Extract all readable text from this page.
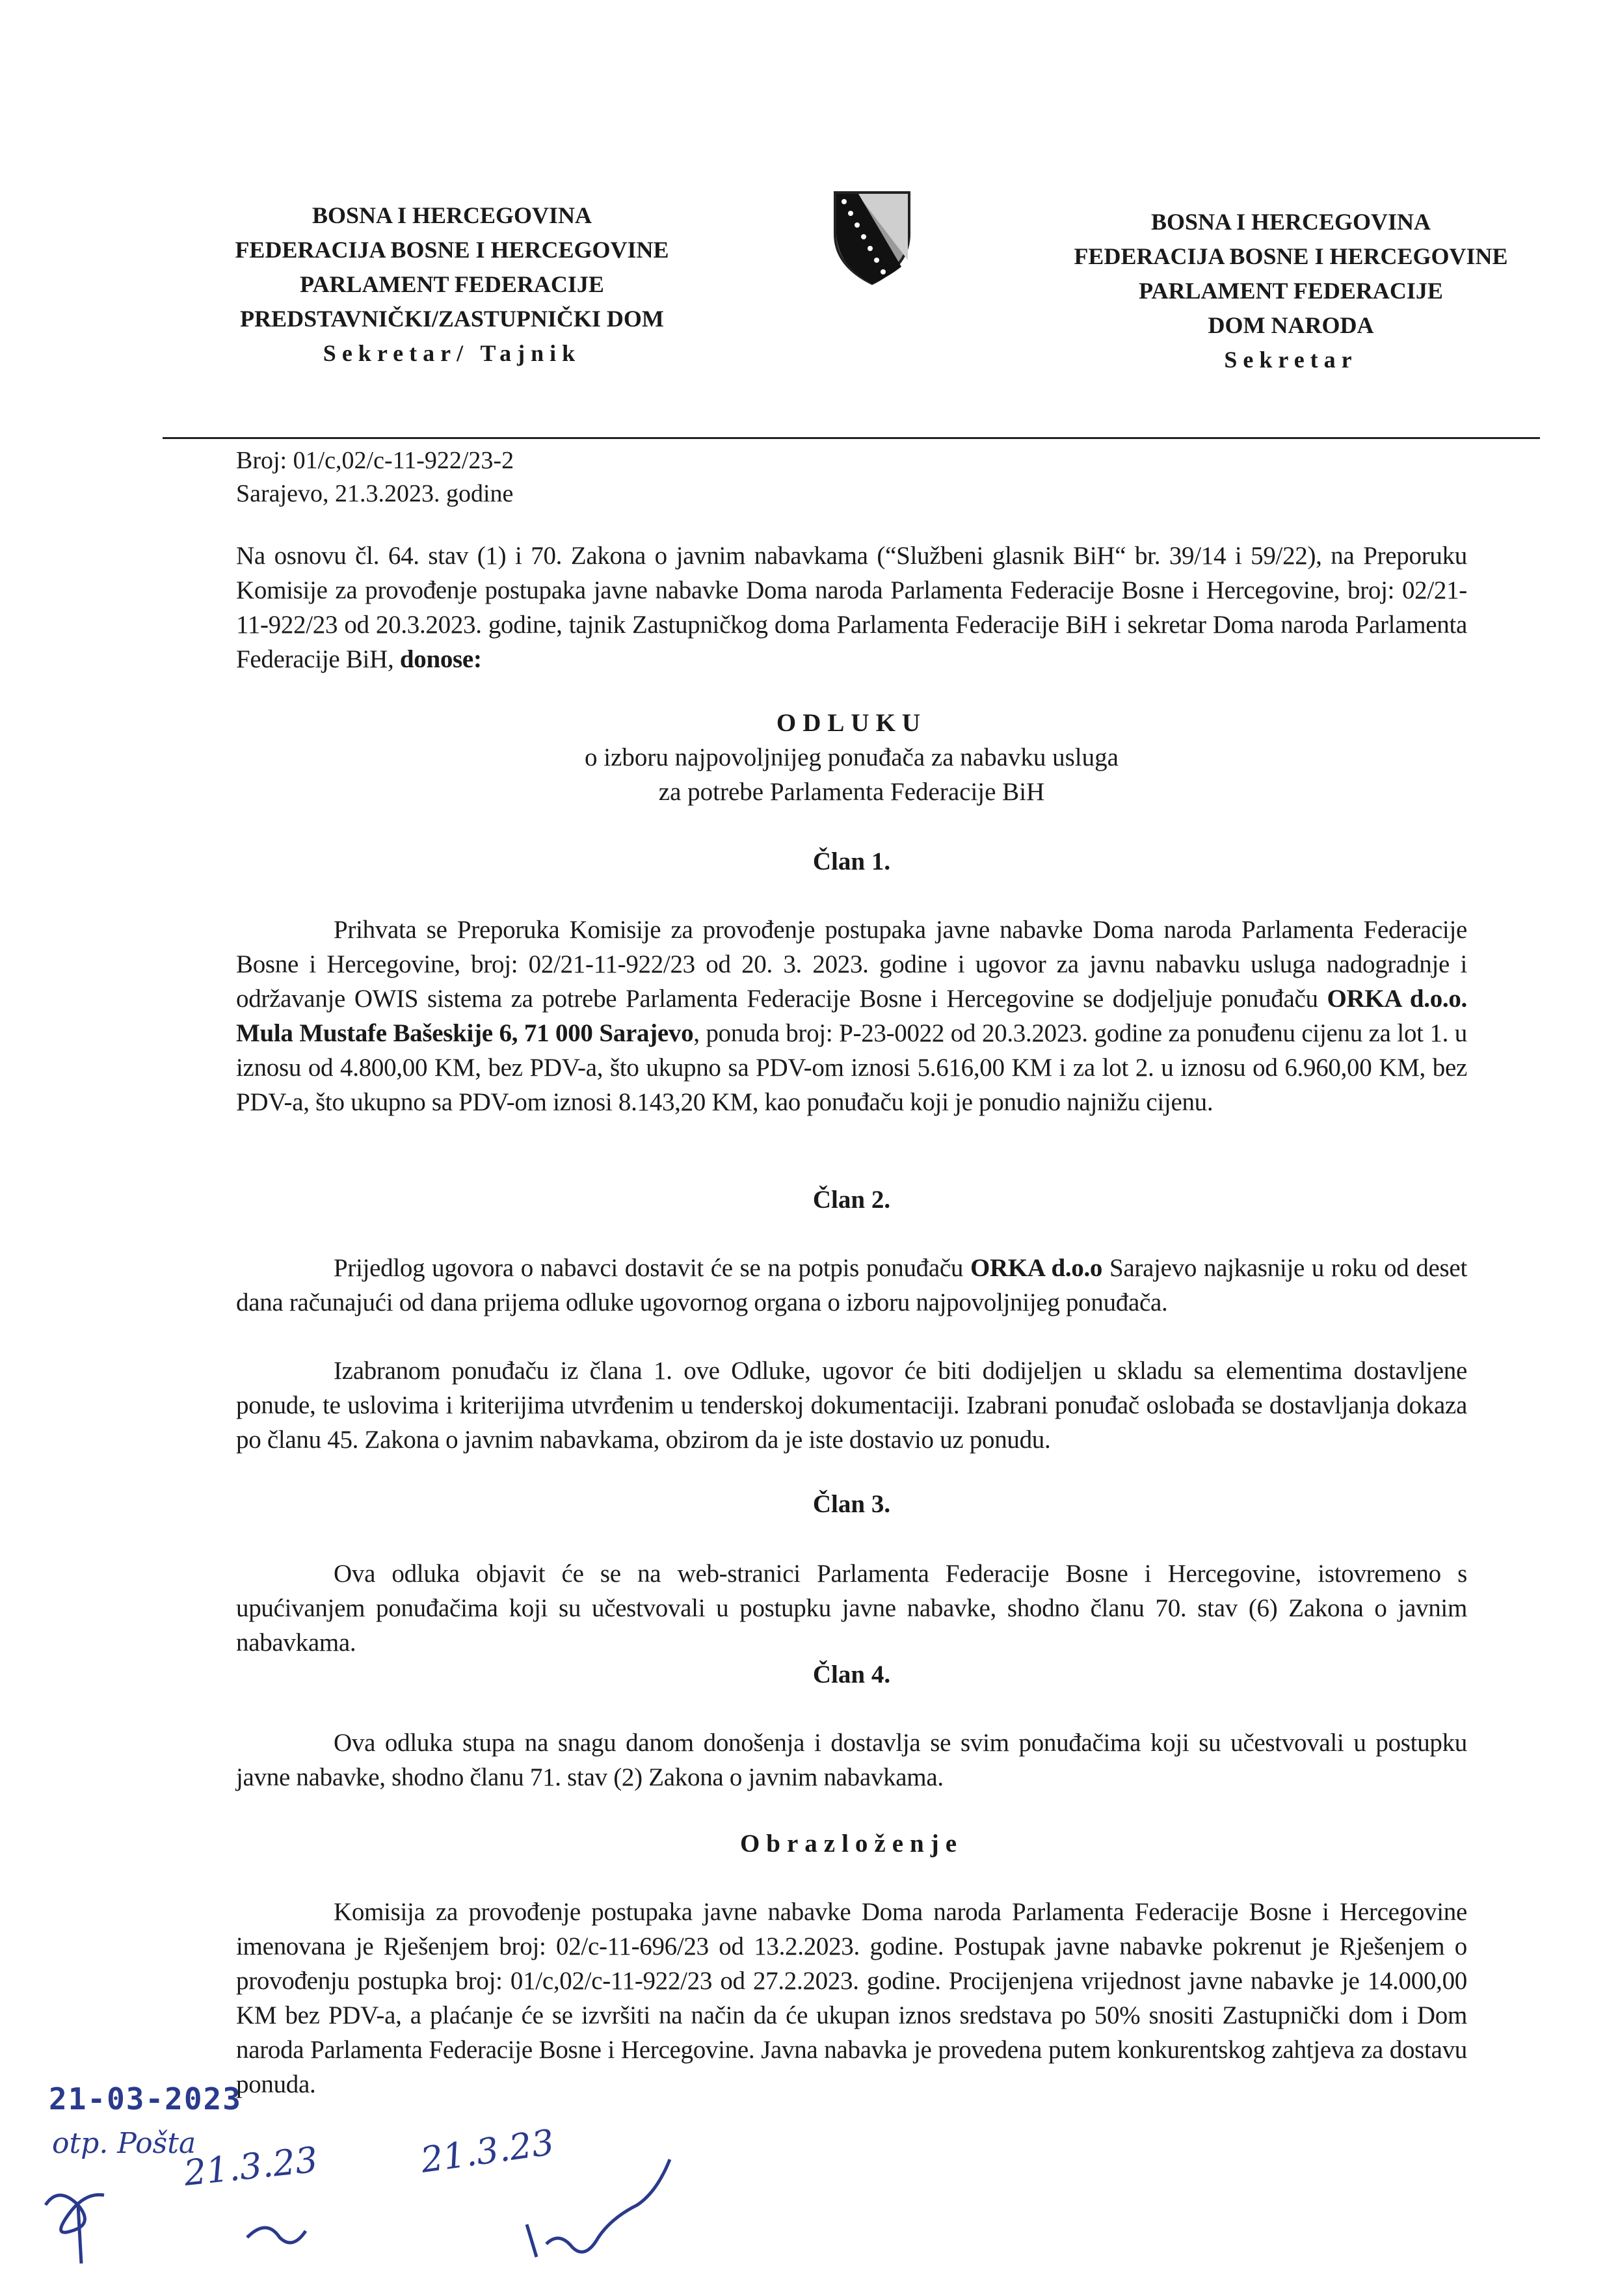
BOSNA I HERCEGOVINA
FEDERACIJA BOSNE I HERCEGOVINE
PARLAMENT FEDERACIJE
PREDSTAVNIČKI/ZASTUPNIČKI DOM
Sekretar/ Tajnik
BOSNA I HERCEGOVINA
FEDERACIJA BOSNE I HERCEGOVINE
PARLAMENT FEDERACIJE
DOM NARODA
Sekretar
Broj: 01/c,02/c-11-922/23-2
Sarajevo, 21.3.2023. godine
Na osnovu čl. 64. stav (1) i 70. Zakona o javnim nabavkama (“Službeni glasnik BiH“ br. 39/14 i 59/22), na Preporuku Komisije za provođenje postupaka javne nabavke Doma naroda Parlamenta Federacije Bosne i Hercegovine, broj: 02/21-11-922/23 od 20.3.2023. godine, tajnik Zastupničkog doma Parlamenta Federacije BiH i sekretar Doma naroda Parlamenta Federacije BiH, donose:
ODLUKU
o izboru najpovoljnijeg ponuđača za nabavku usluga
za potrebe Parlamenta Federacije BiH
Član 1.
Prihvata se Preporuka Komisije za provođenje postupaka javne nabavke Doma naroda Parlamenta Federacije Bosne i Hercegovine, broj: 02/21-11-922/23 od 20. 3. 2023. godine i ugovor za javnu nabavku usluga nadogradnje i održavanje OWIS sistema za potrebe Parlamenta Federacije Bosne i Hercegovine se dodjeljuje ponuđaču ORKA d.o.o. Mula Mustafe Bašeskije 6, 71 000 Sarajevo, ponuda broj: P-23-0022 od 20.3.2023. godine za ponuđenu cijenu za lot 1. u iznosu od 4.800,00 KM, bez PDV-a, što ukupno sa PDV-om iznosi 5.616,00 KM i za lot 2. u iznosu od 6.960,00 KM, bez PDV-a, što ukupno sa PDV-om iznosi 8.143,20 KM, kao ponuđaču koji je ponudio najnižu cijenu.
Član 2.
Prijedlog ugovora o nabavci dostavit će se na potpis ponuđaču ORKA d.o.o Sarajevo najkasnije u roku od deset dana računajući od dana prijema odluke ugovornog organa o izboru najpovoljnijeg ponuđača.
Izabranom ponuđaču iz člana 1. ove Odluke, ugovor će biti dodijeljen u skladu sa elementima dostavljene ponude, te uslovima i kriterijima utvrđenim u tenderskoj dokumentaciji. Izabrani ponuđač oslobađa se dostavljanja dokaza po članu 45. Zakona o javnim nabavkama, obzirom da je iste dostavio uz ponudu.
Član 3.
Ova odluka objavit će se na web-stranici Parlamenta Federacije Bosne i Hercegovine, istovremeno s upućivanjem ponuđačima koji su učestvovali u postupku javne nabavke, shodno članu 70. stav (6) Zakona o javnim nabavkama.
Član 4.
Ova odluka stupa na snagu danom donošenja i dostavlja se svim ponuđačima koji su učestvovali u postupku javne nabavke, shodno članu 71. stav (2) Zakona o javnim nabavkama.
Obrazloženje
Komisija za provođenje postupaka javne nabavke Doma naroda Parlamenta Federacije Bosne i Hercegovine imenovana je Rješenjem broj: 02/c-11-696/23 od 13.2.2023. godine. Postupak javne nabavke pokrenut je Rješenjem o provođenju postupka broj: 01/c,02/c-11-922/23 od 27.2.2023. godine. Procijenjena vrijednost javne nabavke je 14.000,00 KM bez PDV-a, a plaćanje će se izvršiti na način da će ukupan iznos sredstava po 50% snositi Zastupnički dom i Dom naroda Parlamenta Federacije Bosne i Hercegovine. Javna nabavka je provedena putem konkurentskog zahtjeva za dostavu ponuda.
21-03-2023
otp. Pošta
21.3.23	21.3.23
